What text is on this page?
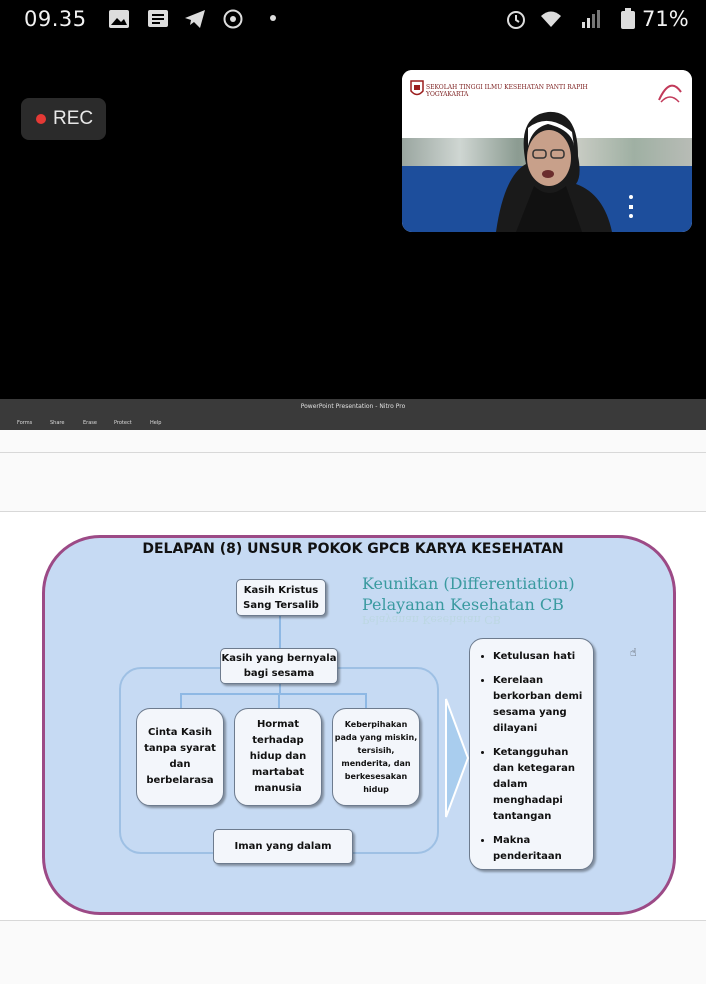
09.35	71%
REC
SEKOLAH TINGGI ILMU KESEHATAN PANTI RAPIH
YOGYAKARTA
PowerPoint Presentation - Nitro Pro
Forms	Share	Erase	Protect	Help
DELAPAN (8) UNSUR POKOK GPCB KARYA KESEHATAN
Keunikan (Differentiation)
Pelayanan Kesehatan CB
Pelayanan Kesehatan CB
Kasih Kristus Sang Tersalib
Kasih yang bernyala bagi sesama
Cinta Kasih tanpa syarat dan berbelarasa
Hormat terhadap hidup dan martabat manusia
Keberpihakan pada yang miskin, tersisih, menderita, dan berkesesakan hidup
Iman yang dalam
• Ketulusan hati
• Kerelaan berkorban demi sesama yang dilayani
• Ketangguhan dan ketegaran dalam menghadapi tantangan
• Makna penderitaan
☝
